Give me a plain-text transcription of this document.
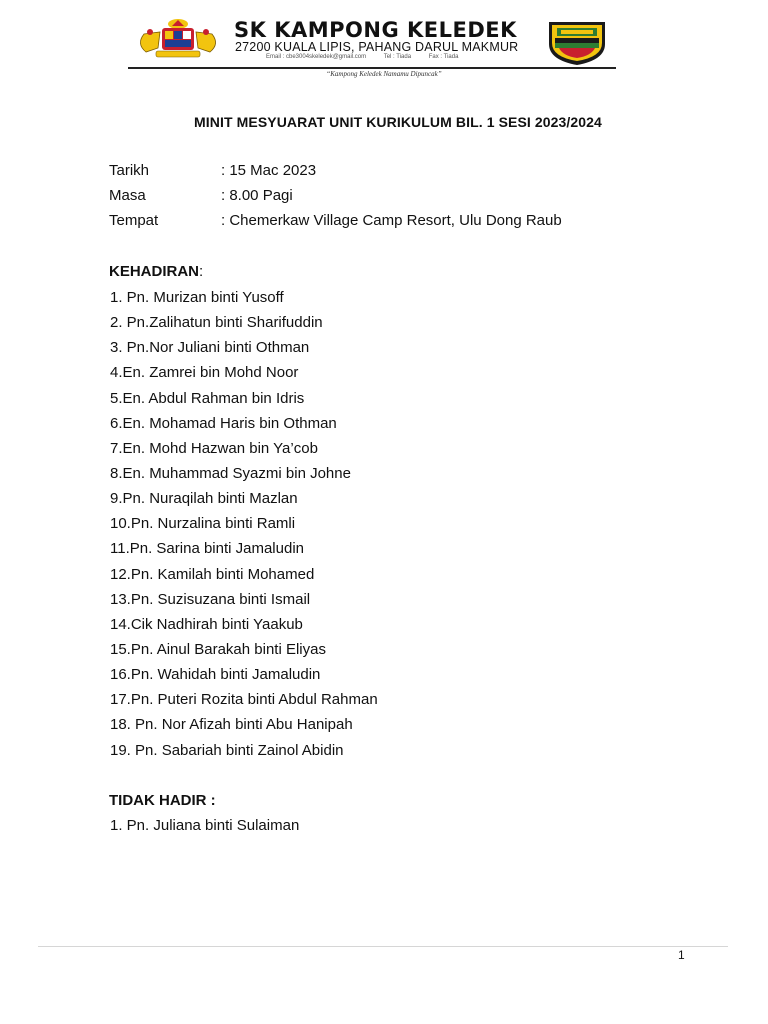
SK KAMPONG KELEDEK
27200 KUALA LIPIS, PAHANG DARUL MAKMUR
Email : cbe3004skeledek@gmail.com	Tel : Tiada	Fax : Tiada
“Kampong Keledek Namamu Dipuncak”
MINIT MESYUARAT UNIT KURIKULUM BIL. 1 SESI 2023/2024
Tarikh	: 15 Mac 2023
Masa	: 8.00 Pagi
Tempat	: Chemerkaw Village Camp Resort, Ulu Dong Raub
KEHADIRAN:
1. Pn. Murizan binti Yusoff
2. Pn.Zalihatun binti Sharifuddin
3. Pn.Nor Juliani binti Othman
4.En. Zamrei bin Mohd Noor
5.En. Abdul Rahman bin Idris
6.En. Mohamad Haris bin Othman
7.En. Mohd Hazwan bin Ya’cob
8.En. Muhammad Syazmi bin Johne
9.Pn. Nuraqilah binti Mazlan
10.Pn. Nurzalina binti Ramli
11.Pn. Sarina binti Jamaludin
12.Pn. Kamilah binti Mohamed
13.Pn. Suzisuzana binti Ismail
14.Cik Nadhirah binti Yaakub
15.Pn. Ainul Barakah binti Eliyas
16.Pn. Wahidah binti Jamaludin
17.Pn. Puteri Rozita binti Abdul Rahman
18. Pn. Nor Afizah binti Abu Hanipah
19. Pn. Sabariah binti Zainol Abidin
TIDAK HADIR :
1. Pn. Juliana binti Sulaiman
1
